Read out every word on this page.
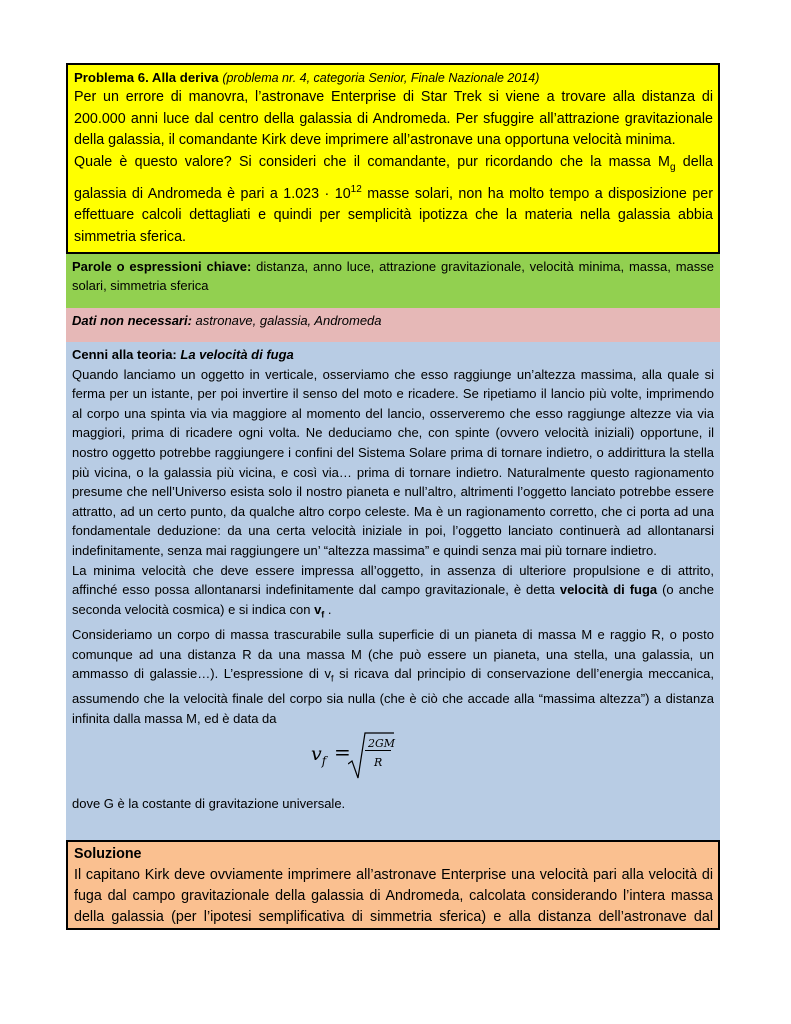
Problema 6. Alla deriva (problema nr. 4, categoria Senior, Finale Nazionale 2014)

Per un errore di manovra, l’astronave Enterprise di Star Trek si viene a trovare alla distanza di 200.000 anni luce dal centro della galassia di Andromeda. Per sfuggire all’attrazione gravitazionale della galassia, il comandante Kirk deve imprimere all’astronave una opportuna velocità minima.

Quale è questo valore? Si consideri che il comandante, pur ricordando che la massa $M_g$ della galassia di Andromeda è pari a $1.023 \cdot 10^{12}$ masse solari, non ha molto tempo a disposizione per effettuare calcoli dettagliati e quindi per semplicità ipotizza che la materia nella galassia abbia simmetria sferica.

Parole o espressioni chiave: distanza, anno luce, attrazione gravitazionale, velocità minima, massa, masse solari, simmetria sferica
Dati non necessari: astronave, galassia, Andromeda

Cenni alla teoria: La velocità di fuga

Quando lanciamo un oggetto in verticale, osserviamo che esso raggiunge un’altezza massima, alla quale si ferma per un istante, per poi invertire il senso del moto e ricadere. Se ripetiamo il lancio più volte, imprimendo al corpo una spinta via via maggiore al momento del lancio, osserveremo che esso raggiunge altezze via via maggiori, prima di ricadere ogni volta. Ne deduciamo che, con spinte (ovvero velocità iniziali) opportune, il nostro oggetto potrebbe raggiungere i confini del Sistema Solare prima di tornare indietro, o addirittura la stella più vicina, o la galassia più vicina, e così via… prima di tornare indietro. Naturalmente questo ragionamento presume che nell’Universo esista solo il nostro pianeta e null’altro, altrimenti l’oggetto lanciato potrebbe essere attratto, ad un certo punto, da qualche altro corpo celeste. Ma è un ragionamento corretto, che ci porta ad una fondamentale deduzione: da una certa velocità iniziale in poi, l’oggetto lanciato continuerà ad allontanarsi indefinitamente, senza mai raggiungere un’ “altezza massima” e quindi senza mai più tornare indietro.

La minima velocità che deve essere impressa all’oggetto, in assenza di ulteriore propulsione e di attrito, affinché esso possa allontanarsi indefinitamente dal campo gravitazionale, è detta velocità di fuga (o anche seconda velocità cosmica) e si indica con $v_f$ .

Consideriamo un corpo di massa trascurabile sulla superficie di un pianeta di massa M e raggio R, o posto comunque ad una distanza R da una massa M (che può essere un pianeta, una stella, una galassia, un ammasso di galassie…). L’espressione di $v_f$ si ricava dal principio di conservazione dell’energia meccanica, assumendo che la velocità finale del corpo sia nulla (che è ciò che accade alla “massima altezza”) a distanza infinita dalla massa M, ed è data da

$v_f = 2GM$
R

dove G è la costante di gravitazione universale.

Soluzione

Il capitano Kirk deve ovviamente imprimere all’astronave Enterprise una velocità pari alla velocità di fuga dal campo gravitazionale della galassia di Andromeda, calcolata considerando l’intera massa della galassia (per l’ipotesi semplificativa di simmetria sferica) e alla distanza dell’astronave dal
